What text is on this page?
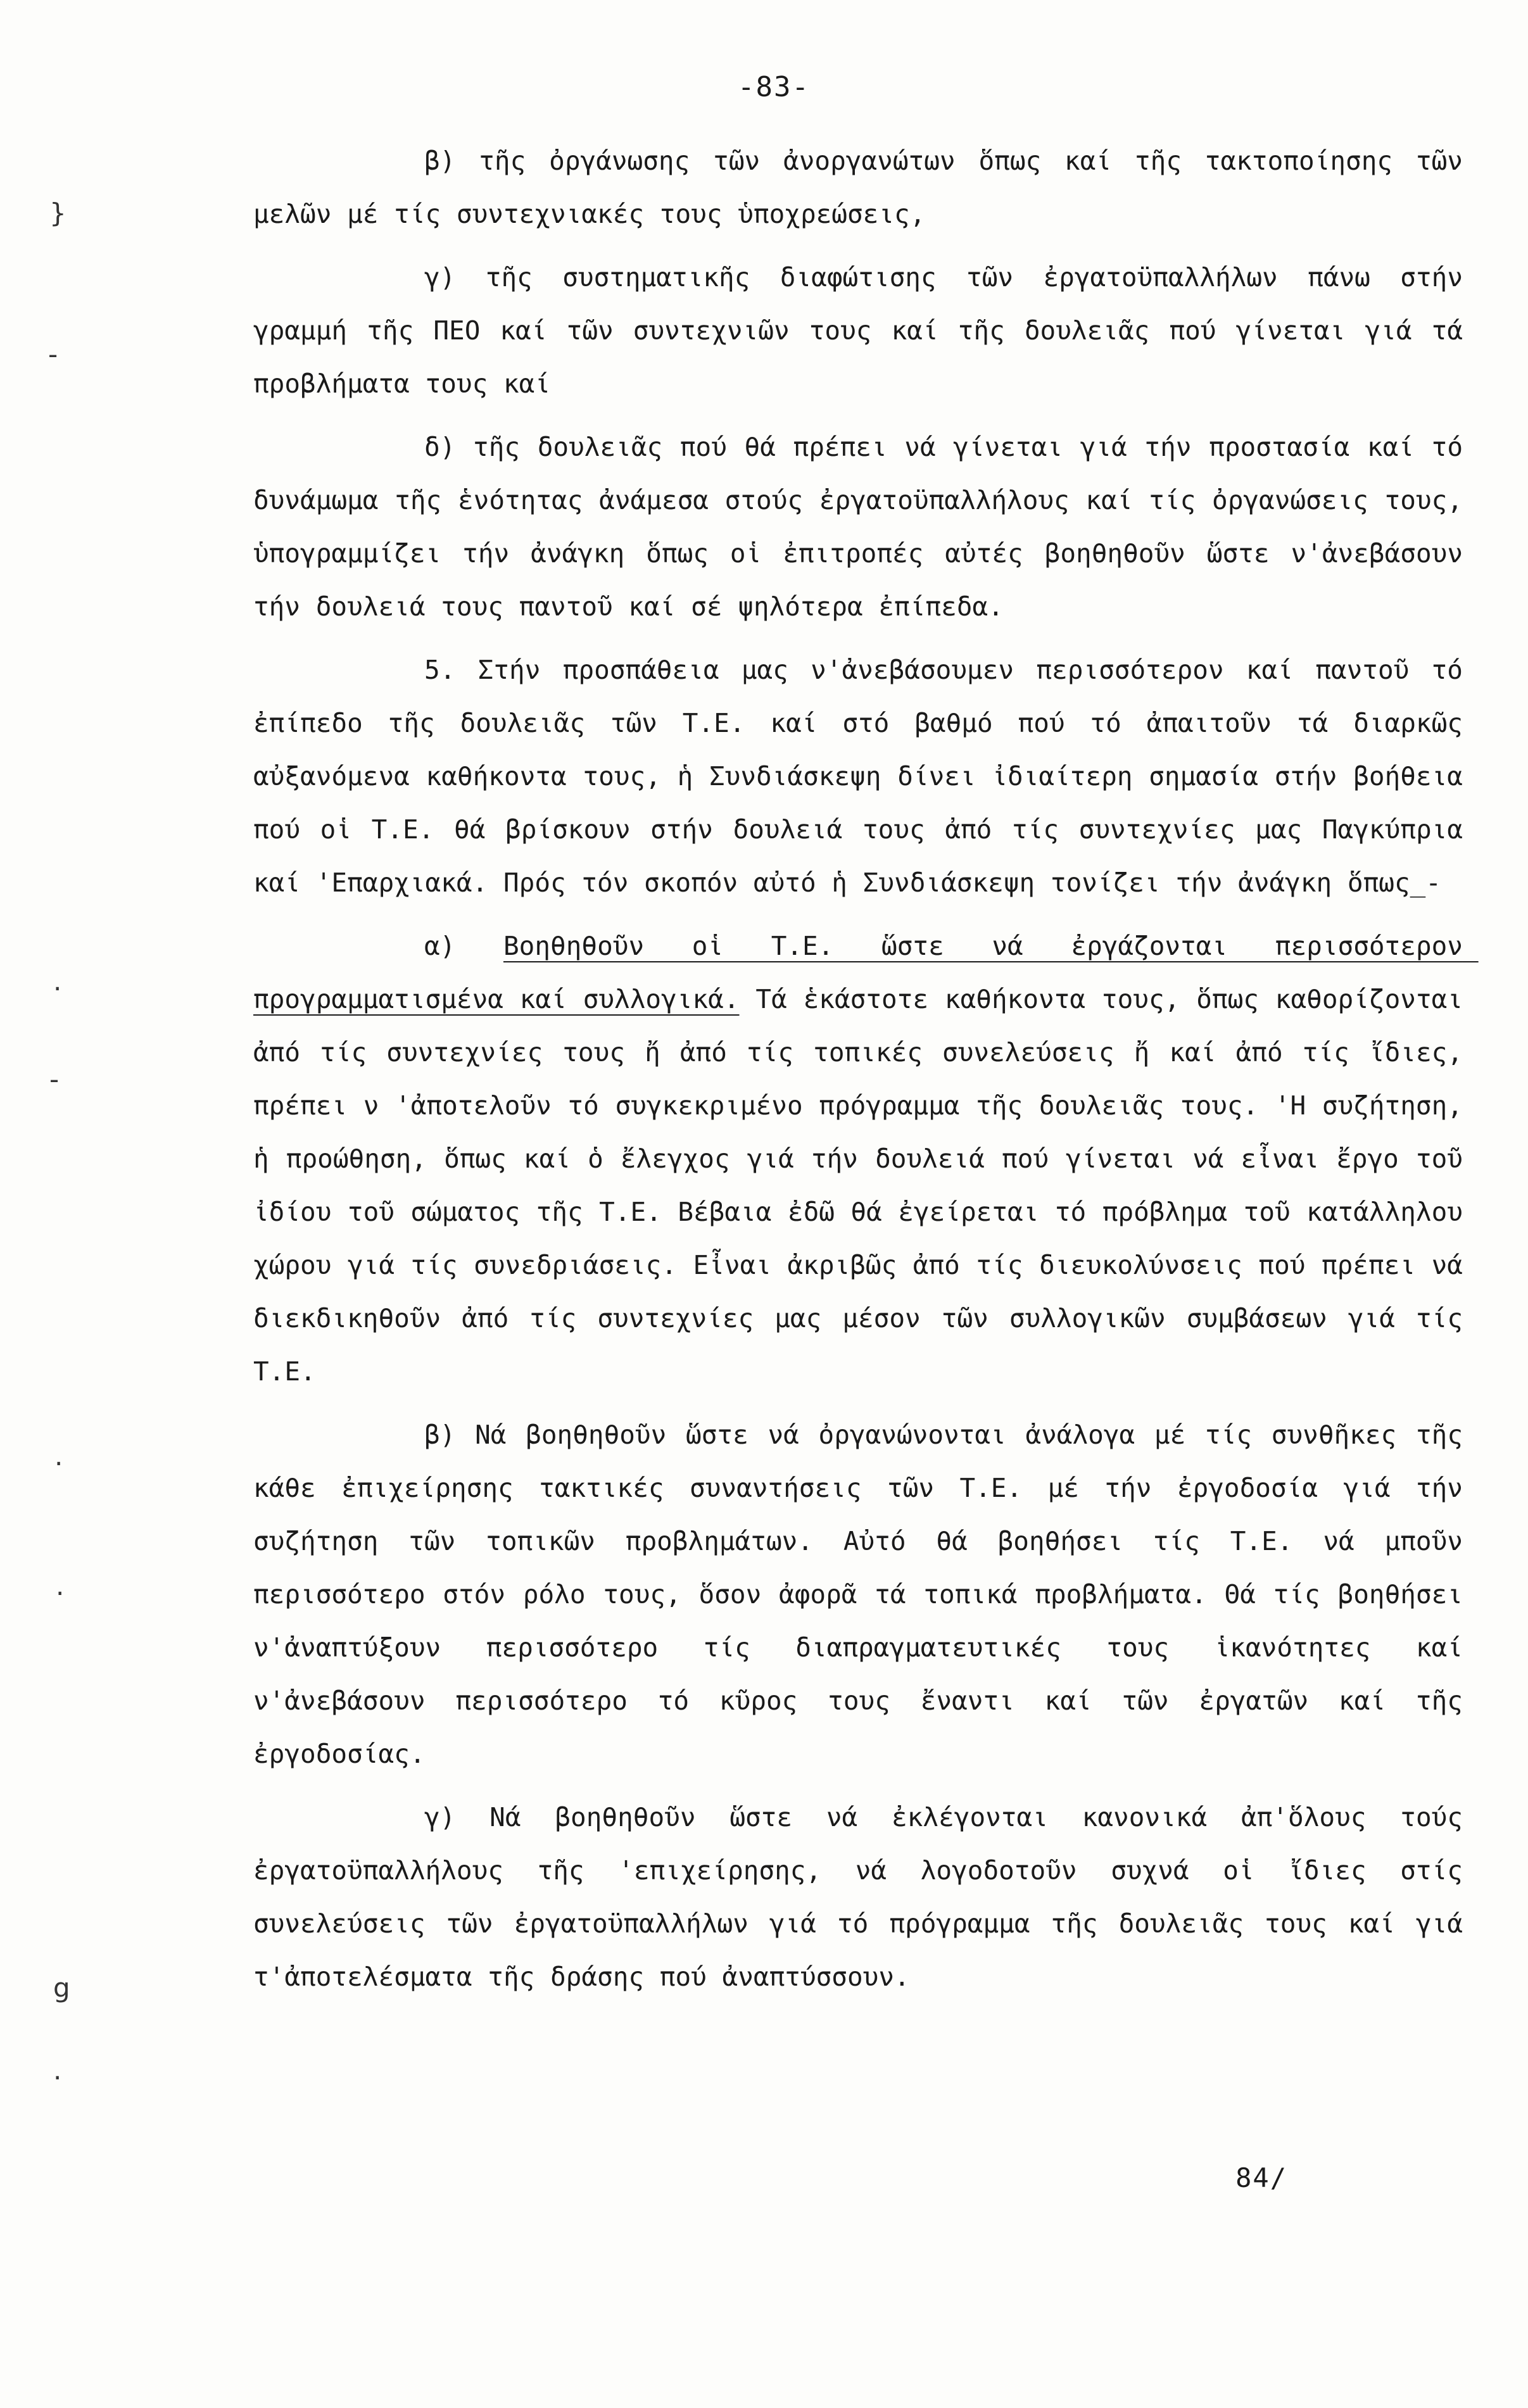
-83-
}
-
.
-
.
.
g
.

β) τῆς ὀργάνωσης τῶν ἀνοργανώτων ὅπως καί τῆς τακτοποίησης τῶν μελῶν μέ τίς συντεχνιακές τους ὑποχρεώσεις,

γ) τῆς συστηματικῆς διαφώτισης τῶν ἐργατοϋπαλλήλων πάνω στήν γραμμή τῆς ΠΕΟ καί τῶν συντεχνιῶν τους καί τῆς δουλειᾶς πού γίνεται γιά τά προβλήματα τους καί

δ) τῆς δουλειᾶς πού θά πρέπει νά γίνεται γιά τήν προστασία καί τό δυνάμωμα τῆς ἑνότητας ἀνάμεσα στούς ἐργατοϋπαλλήλους καί τίς ὀργανώσεις τους, ὑπογραμμίζει τήν ἀνάγκη ὅπως οἱ ἐπιτροπές αὐτές βοηθηθοῦν ὥστε ν'ἀνεβάσουν τήν δουλειά τους παντοῦ καί σέ ψηλότερα ἐπίπεδα.

5. Στήν προσπάθεια μας ν'ἀνεβάσουμεν περισσότερον καί παντοῦ τό ἐπίπεδο τῆς δουλειᾶς τῶν Τ.Ε. καί στό βαθμό πού τό ἀπαιτοῦν τά διαρκῶς αὐξανόμενα καθήκοντα τους, ἡ Συνδιάσκεψη δίνει ἰδιαίτερη σημασία στήν βοήθεια πού οἱ Τ.Ε. θά βρίσκουν στήν δουλειά τους ἀπό τίς συντεχνίες μας Παγκύπρια καί 'Επαρχιακά. Πρός τόν σκοπόν αὐτό ἡ Συνδιάσκεψη τονίζει τήν ἀνάγκη ὅπως_-

α) Βοηθηθοῦν οἱ Τ.Ε. ὥστε νά ἐργάζονται περισσότερον προγραμματισμένα καί συλλογικά. Τά ἑκάστοτε καθήκοντα τους, ὅπως καθορίζονται ἀπό τίς συντεχνίες τους ἤ ἀπό τίς τοπικές συνελεύσεις ἤ καί ἀπό τίς ἴδιες, πρέπει ν 'ἀποτελοῦν τό συγκεκριμένο πρόγραμμα τῆς δουλειᾶς τους. 'Η συζήτηση, ἡ προώθηση, ὅπως καί ὁ ἔλεγχος γιά τήν δουλειά πού γίνεται νά εἶναι ἔργο τοῦ ἰδίου τοῦ σώματος τῆς Τ.Ε. Βέβαια ἐδῶ θά ἐγείρεται τό πρόβλημα τοῦ κατάλληλου χώρου γιά τίς συνεδριάσεις. Εἶναι ἀκριβῶς ἀπό τίς διευκολύνσεις πού πρέπει νά διεκδικηθοῦν ἀπό τίς συντεχνίες μας μέσον τῶν συλλογικῶν συμβάσεων γιά τίς Τ.Ε.

β) Νά βοηθηθοῦν ὥστε νά ὀργανώνονται ἀνάλογα μέ τίς συνθῆκες τῆς κάθε ἐπιχείρησης τακτικές συναντήσεις τῶν Τ.Ε. μέ τήν ἐργοδοσία γιά τήν συζήτηση τῶν τοπικῶν προβλημάτων. Αὐτό θά βοηθήσει τίς Τ.Ε. νά μποῦν περισσότερο στόν ρόλο τους, ὅσον ἀφορᾶ τά τοπικά προβλήματα. Θά τίς βοηθήσει ν'ἀναπτύξουν περισσότερο τίς διαπραγματευτικές τους ἱκανότητες καί ν'ἀνεβάσουν περισσότερο τό κῦρος τους ἔναντι καί τῶν ἐργατῶν καί τῆς ἐργοδοσίας.

γ) Νά βοηθηθοῦν ὥστε νά ἐκλέγονται κανονικά ἀπ'ὅλους τούς ἐργατοϋπαλλήλους τῆς 'επιχείρησης, νά λογοδοτοῦν συχνά οἱ ἴδιες στίς συνελεύσεις τῶν ἐργατοϋπαλλήλων γιά τό πρόγραμμα τῆς δουλειᾶς τους καί γιά τ'ἀποτελέσματα τῆς δράσης πού ἀναπτύσσουν.

84/
